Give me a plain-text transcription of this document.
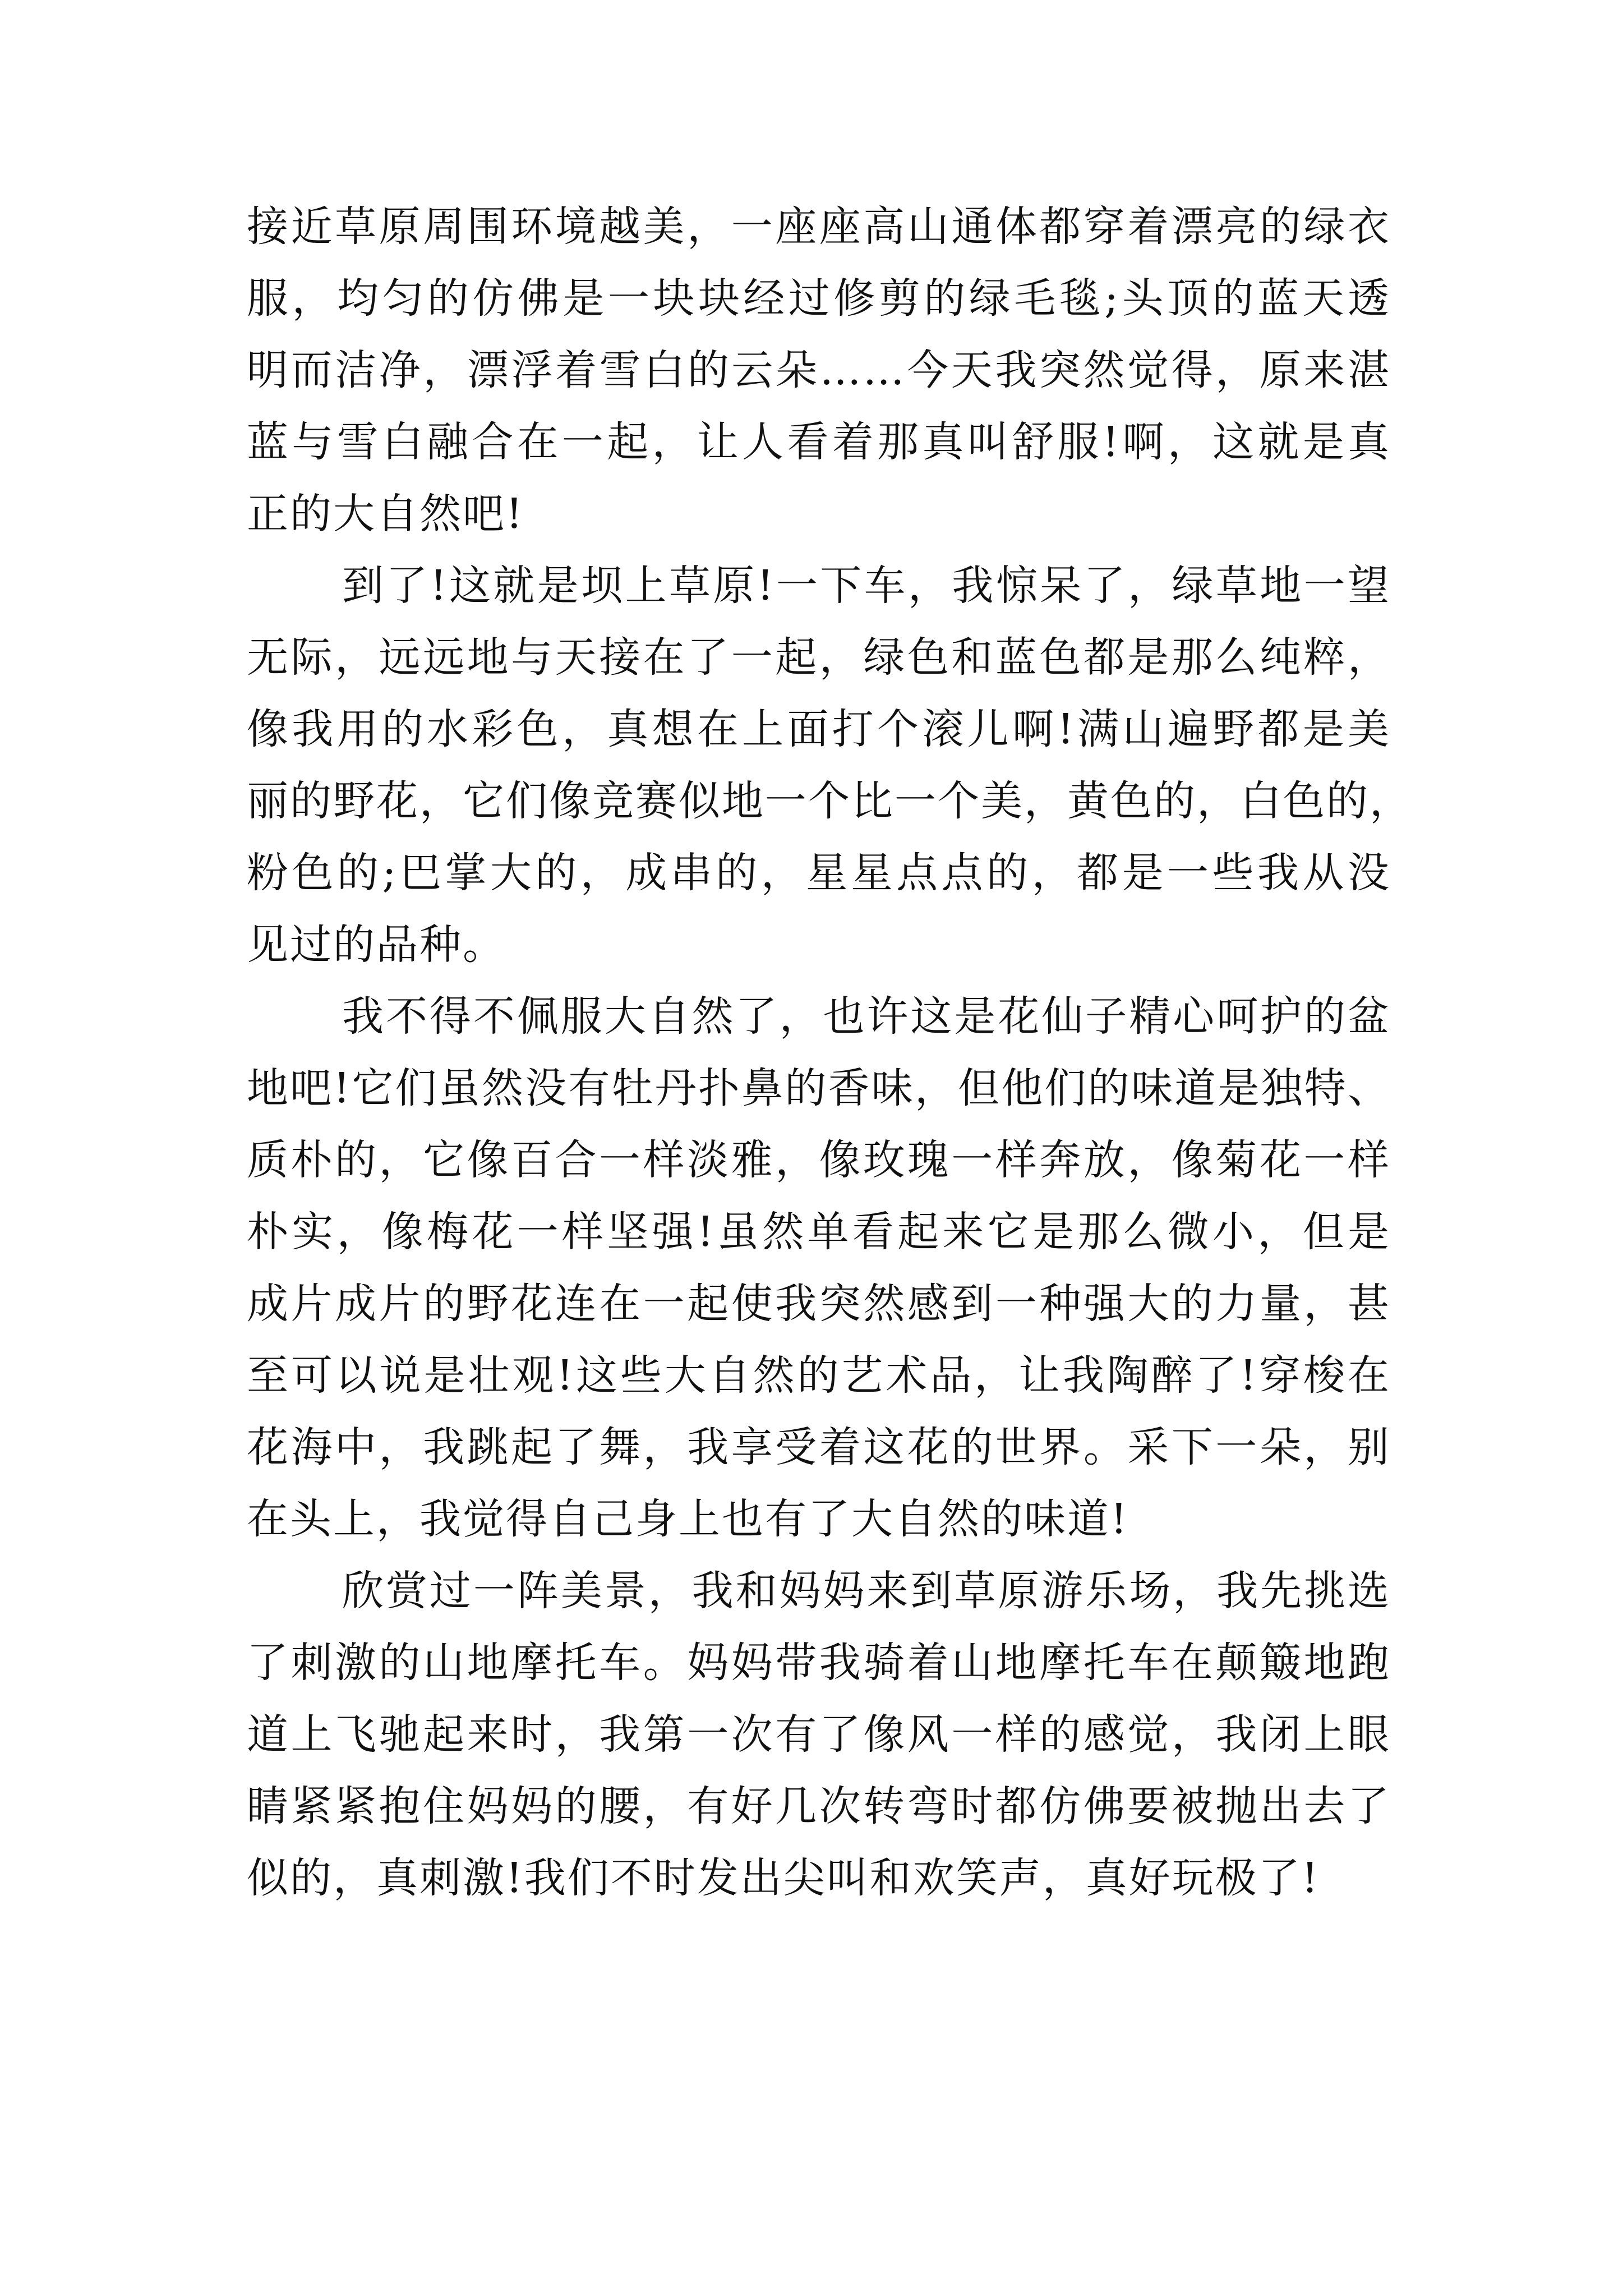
接近草原周围环境越美，一座座高山通体都穿着漂亮的绿衣
服，均匀的仿佛是一块块经过修剪的绿毛毯;头顶的蓝天透
明而洁净，漂浮着雪白的云朵……今天我突然觉得，原来湛
蓝与雪白融合在一起，让人看着那真叫舒服!啊，这就是真
正的大自然吧!
到了!这就是坝上草原!一下车，我惊呆了，绿草地一望
无际，远远地与天接在了一起，绿色和蓝色都是那么纯粹，
像我用的水彩色，真想在上面打个滚儿啊!满山遍野都是美
丽的野花，它们像竞赛似地一个比一个美，黄色的，白色的，
粉色的;巴掌大的，成串的，星星点点的，都是一些我从没
见过的品种。
我不得不佩服大自然了，也许这是花仙子精心呵护的盆
地吧!它们虽然没有牡丹扑鼻的香味，但他们的味道是独特、
质朴的，它像百合一样淡雅，像玫瑰一样奔放，像菊花一样
朴实，像梅花一样坚强!虽然单看起来它是那么微小，但是
成片成片的野花连在一起使我突然感到一种强大的力量，甚
至可以说是壮观!这些大自然的艺术品，让我陶醉了!穿梭在
花海中，我跳起了舞，我享受着这花的世界。采下一朵，别
在头上，我觉得自己身上也有了大自然的味道!
欣赏过一阵美景，我和妈妈来到草原游乐场，我先挑选
了刺激的山地摩托车。妈妈带我骑着山地摩托车在颠簸地跑
道上飞驰起来时，我第一次有了像风一样的感觉，我闭上眼
睛紧紧抱住妈妈的腰，有好几次转弯时都仿佛要被抛出去了
似的，真刺激!我们不时发出尖叫和欢笑声，真好玩极了!
